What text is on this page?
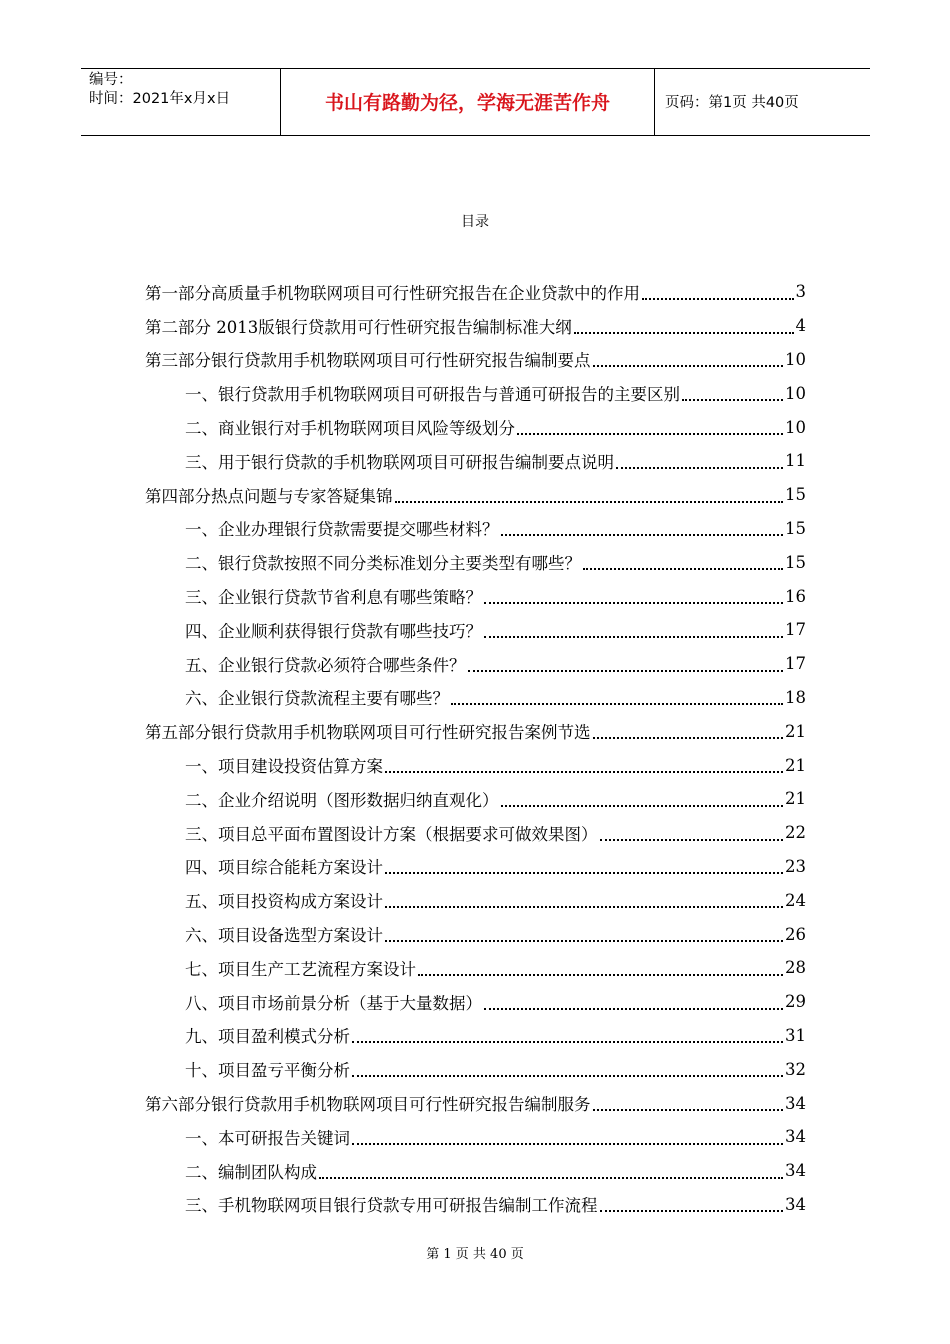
编号：
时间：2021年x月x日	书山有路勤为径，学海无涯苦作舟	页码：第1页 共40页
目录
第一部分高质量手机物联网项目可行性研究报告在企业贷款中的作用	3
第二部分 2013版银行贷款用可行性研究报告编制标准大纲	4
第三部分银行贷款用手机物联网项目可行性研究报告编制要点	10
一、银行贷款用手机物联网项目可研报告与普通可研报告的主要区别	10
二、商业银行对手机物联网项目风险等级划分	10
三、用于银行贷款的手机物联网项目可研报告编制要点说明	11
第四部分热点问题与专家答疑集锦	15
一、企业办理银行贷款需要提交哪些材料？	15
二、银行贷款按照不同分类标准划分主要类型有哪些？	15
三、企业银行贷款节省利息有哪些策略？	16
四、企业顺利获得银行贷款有哪些技巧？	17
五、企业银行贷款必须符合哪些条件？	17
六、企业银行贷款流程主要有哪些？	18
第五部分银行贷款用手机物联网项目可行性研究报告案例节选	21
一、项目建设投资估算方案	21
二、企业介绍说明（图形数据归纳直观化）	21
三、项目总平面布置图设计方案（根据要求可做效果图）	22
四、项目综合能耗方案设计	23
五、项目投资构成方案设计	24
六、项目设备选型方案设计	26
七、项目生产工艺流程方案设计	28
八、项目市场前景分析（基于大量数据）	29
九、项目盈利模式分析	31
十、项目盈亏平衡分析	32
第六部分银行贷款用手机物联网项目可行性研究报告编制服务	34
一、本可研报告关键词	34
二、编制团队构成	34
三、手机物联网项目银行贷款专用可研报告编制工作流程	34
第 1 页 共 40 页
